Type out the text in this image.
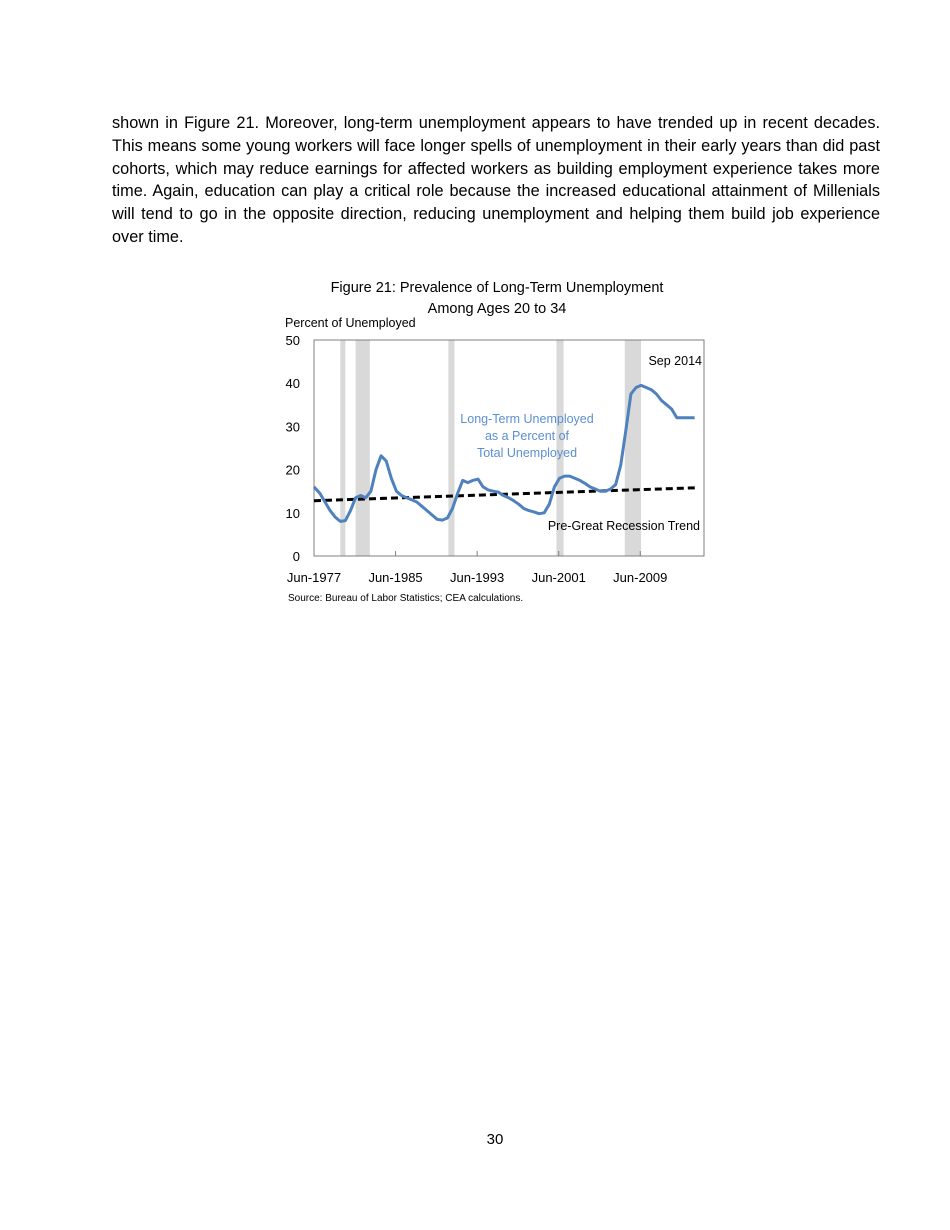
shown in Figure 21. Moreover, long-term unemployment appears to have trended up in recent decades. This means some young workers will face longer spells of unemployment in their early years than did past cohorts, which may reduce earnings for affected workers as building employment experience takes more time. Again, education can play a critical role because the increased educational attainment of Millenials will tend to go in the opposite direction, reducing unemployment and helping them build job experience over time.
Figure 21: Prevalence of Long-Term Unemployment
Among Ages 20 to 34
Percent of Unemployed
0
10
20
30
40
50
Jun-1977 Jun-1985 Jun-1993 Jun-2001 Jun-2009
Long-Term Unemployed
as a Percent of
Total Unemployed
Sep 2014
Pre-Great Recession Trend
Source: Bureau of Labor Statistics; CEA calculations.
30
